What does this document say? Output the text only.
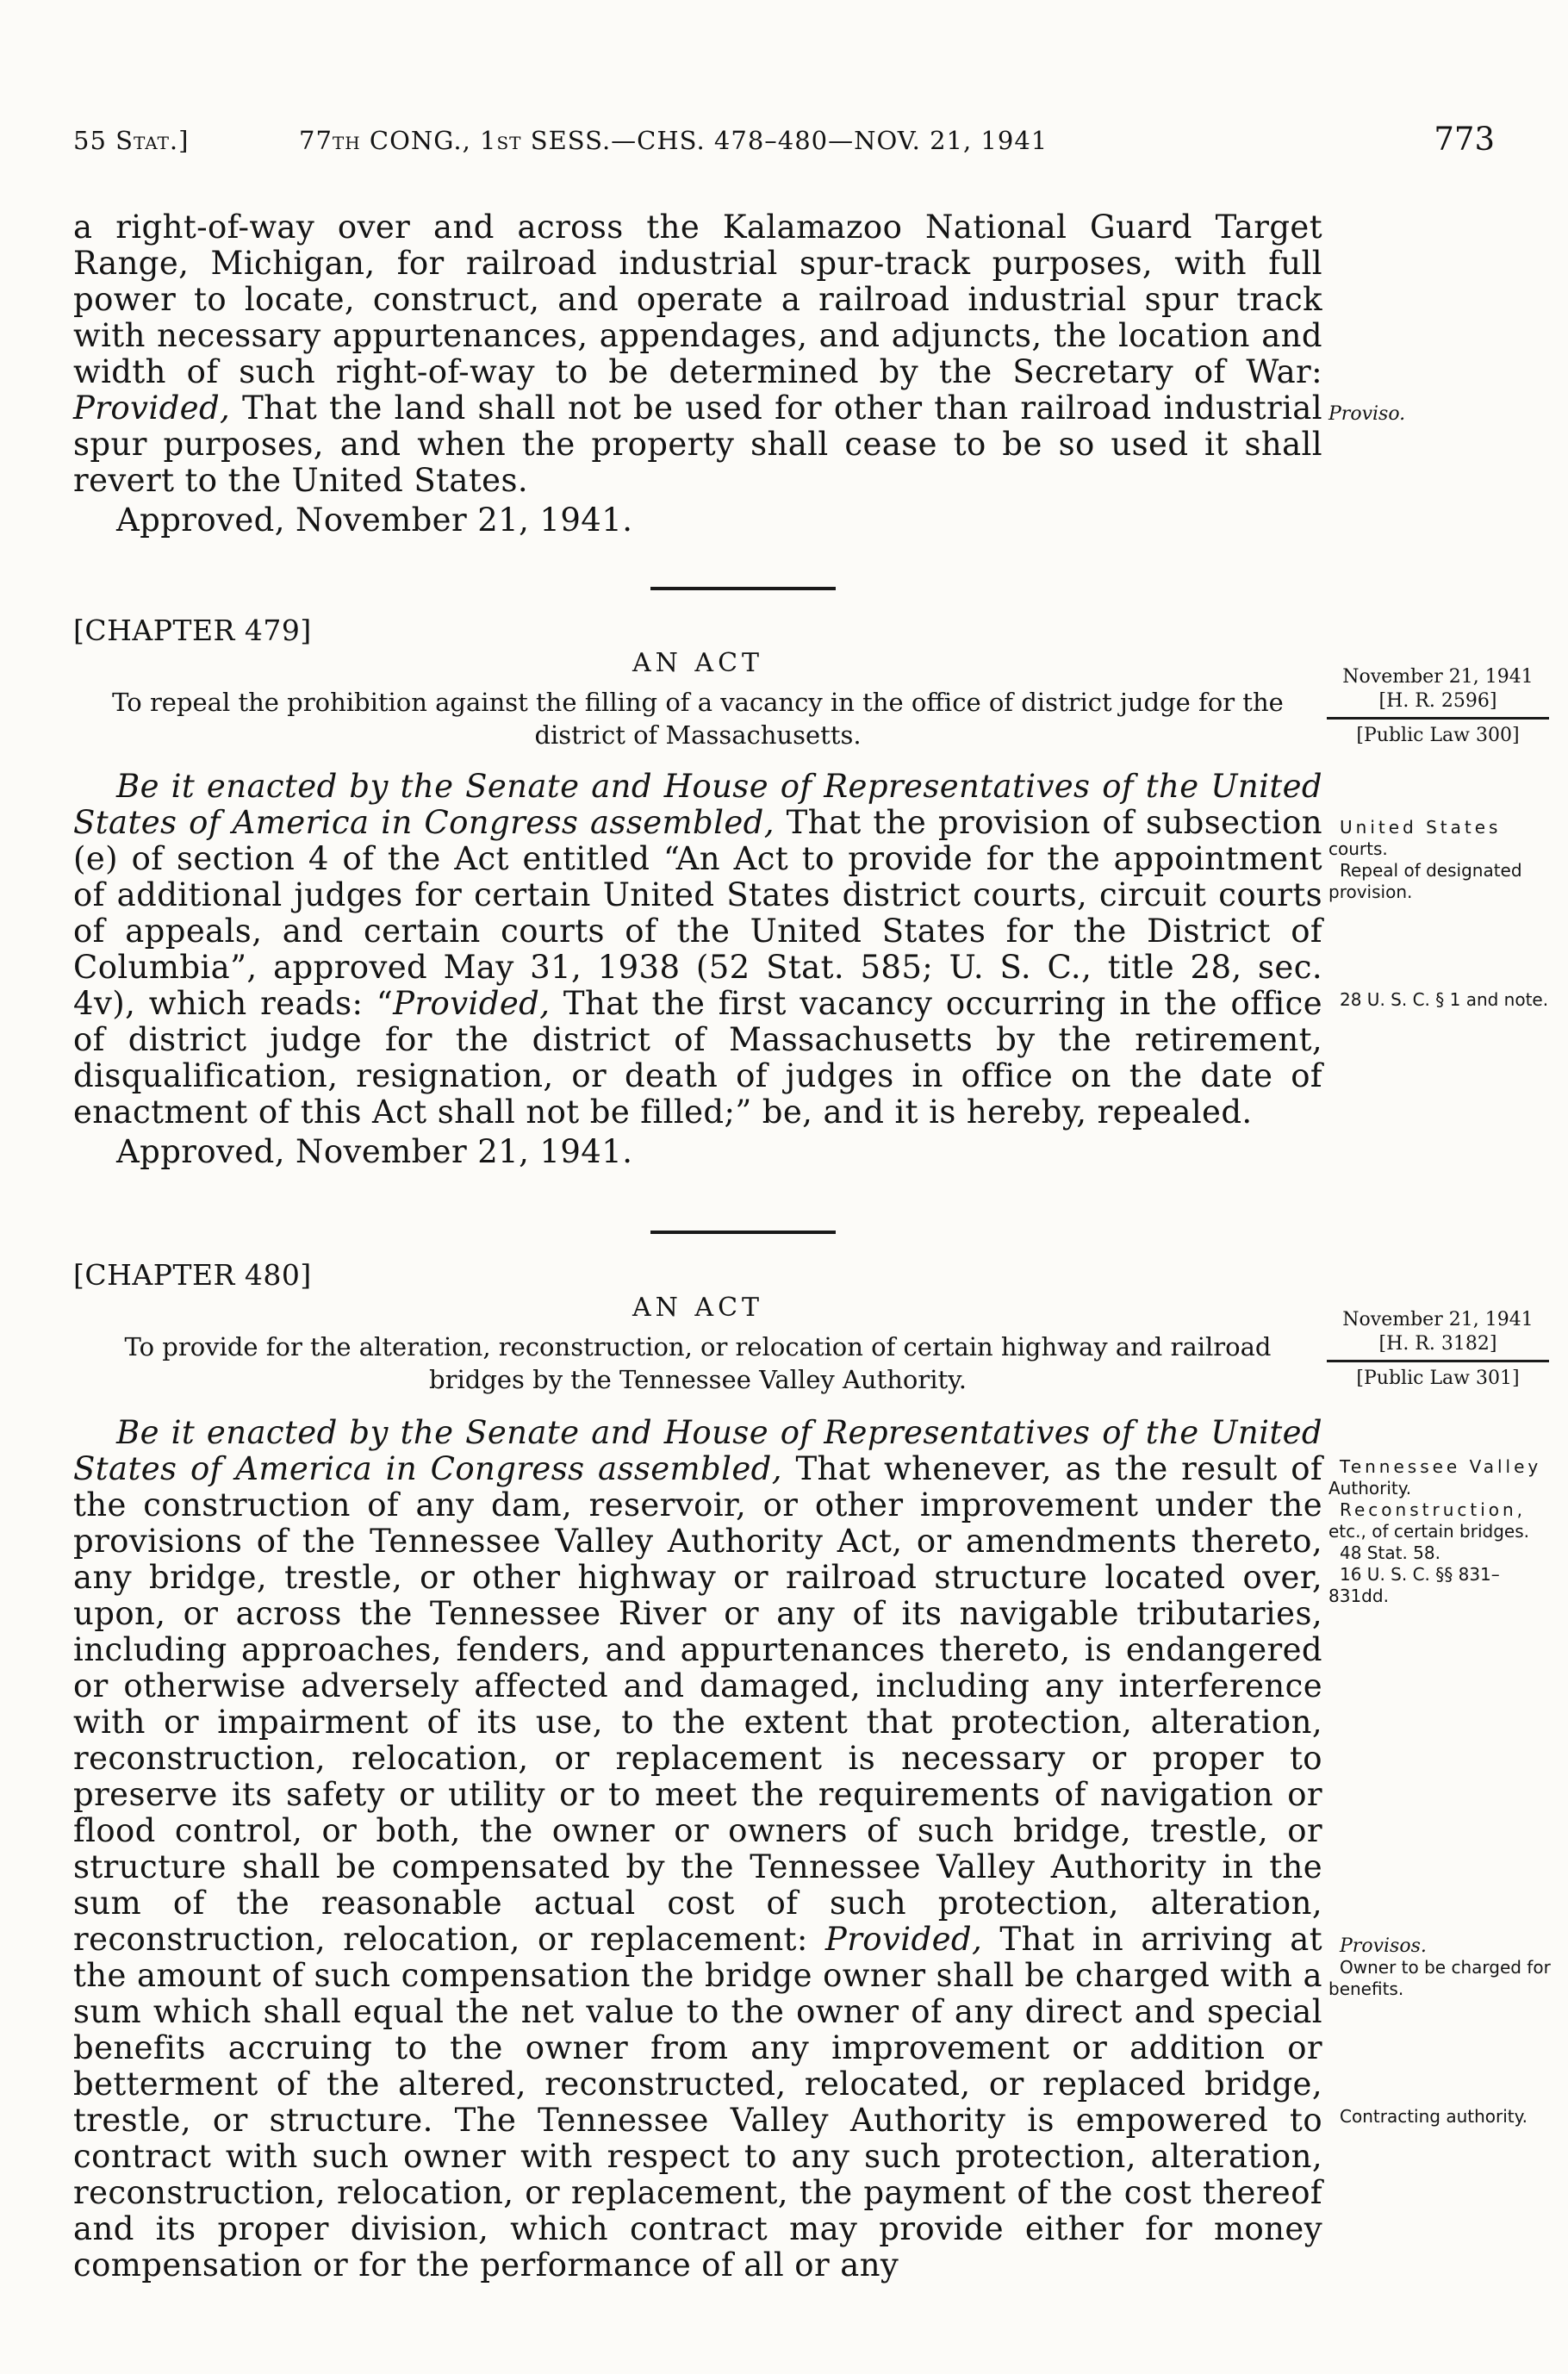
55 Stat.]	77th CONG., 1st SESS.—CHS. 478–480—NOV. 21, 1941	773

a right-of-way over and across the Kalamazoo National Guard Target Range, Michigan, for railroad industrial spur-track purposes, with full power to locate, construct, and operate a railroad industrial spur track with necessary appurtenances, appendages, and adjuncts, the location and width of such right-of-way to be determined by the Secretary of War: Provided, That the land shall not be used for other than railroad industrial spur purposes, and when the property shall cease to be so used it shall revert to the United States.

Approved, November 21, 1941.

Proviso.
[CHAPTER 479]
AN ACT
To repeal the prohibition against the filling of a vacancy in the office of district judge for the district of Massachusetts.
November 21, 1941
[H. R. 2596]
[Public Law 300]

Be it enacted by the Senate and House of Representatives of the United States of America in Congress assembled, That the provision of subsection (e) of section 4 of the Act entitled “An Act to provide for the appointment of additional judges for certain United States district courts, circuit courts of appeals, and certain courts of the United States for the District of Columbia”, approved May 31, 1938 (52 Stat. 585; U. S. C., title 28, sec. 4v), which reads: “Provided, That the first vacancy occurring in the office of district judge for the district of Massachusetts by the retirement, disqualification, resignation, or death of judges in office on the date of enactment of this Act shall not be filled;” be, and it is hereby, repealed.

Approved, November 21, 1941.

United States courts.

Repeal of designated provision.

28 U. S. C. § 1 and note.

[CHAPTER 480]
AN ACT
To provide for the alteration, reconstruction, or relocation of certain highway and railroad bridges by the Tennessee Valley Authority.
November 21, 1941
[H. R. 3182]
[Public Law 301]

Be it enacted by the Senate and House of Representatives of the United States of America in Congress assembled, That whenever, as the result of the construction of any dam, reservoir, or other improvement under the provisions of the Tennessee Valley Authority Act, or amendments thereto, any bridge, trestle, or other highway or railroad structure located over, upon, or across the Tennessee River or any of its navigable tributaries, including approaches, fenders, and appurtenances thereto, is endangered or otherwise adversely affected and damaged, including any interference with or impairment of its use, to the extent that protection, alteration, reconstruction, relocation, or replacement is necessary or proper to preserve its safety or utility or to meet the requirements of navigation or flood control, or both, the owner or owners of such bridge, trestle, or structure shall be compensated by the Tennessee Valley Authority in the sum of the reasonable actual cost of such protection, alteration, reconstruction, relocation, or replacement: Provided, That in arriving at the amount of such compensation the bridge owner shall be charged with a sum which shall equal the net value to the owner of any direct and special benefits accruing to the owner from any improvement or addition or betterment of the altered, reconstructed, relocated, or replaced bridge, trestle, or structure. The Tennessee Valley Authority is empowered to contract with such owner with respect to any such protection, alteration, reconstruction, relocation, or replacement, the payment of the cost thereof and its proper division, which contract may provide either for money compensation or for the performance of all or any

Tennessee Valley Authority.

Reconstruction, etc., of certain bridges.

48 Stat. 58.

16 U. S. C. §§ 831–831dd.

Provisos.

Owner to be charged for benefits.

Contracting authority.
